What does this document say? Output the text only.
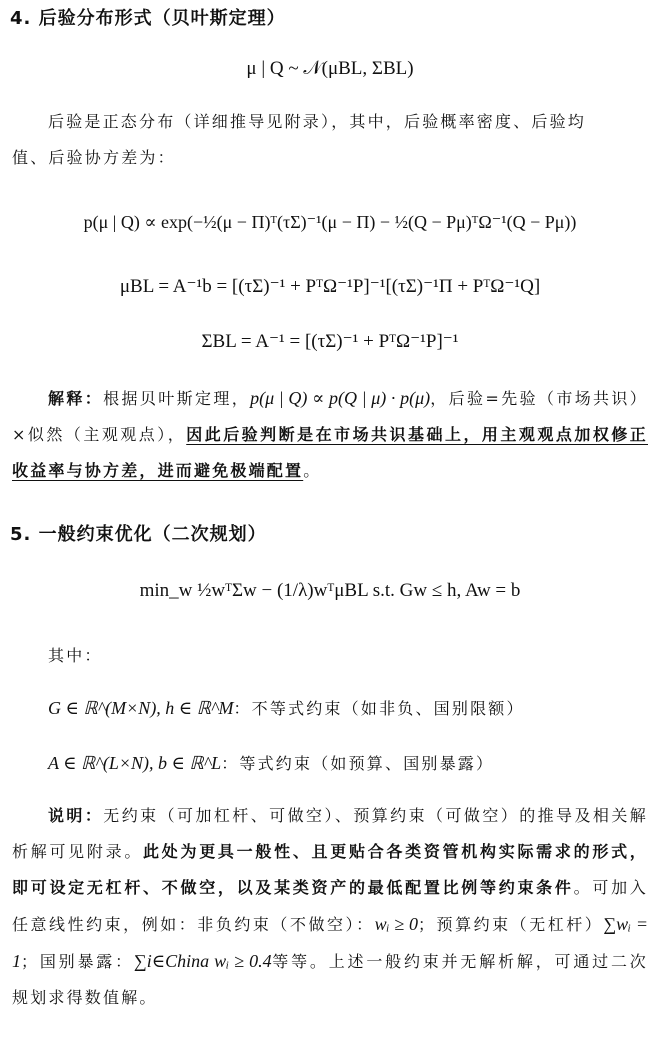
4. 后验分布形式（贝叶斯定理）
μ | Q ~ 𝒩(μBL, ΣBL)
后验是正态分布（详细推导见附录），其中，后验概率密度、后验均
值、后验协方差为：
p(μ | Q) ∝ exp(−½(μ − Π)ᵀ(τΣ)⁻¹(μ − Π) − ½(Q − Pμ)ᵀΩ⁻¹(Q − Pμ))
μBL = A⁻¹b = [(τΣ)⁻¹ + PᵀΩ⁻¹P]⁻¹[(τΣ)⁻¹Π + PᵀΩ⁻¹Q]
ΣBL = A⁻¹ = [(τΣ)⁻¹ + PᵀΩ⁻¹P]⁻¹
解释：根据贝叶斯定理，p(μ | Q) ∝ p(Q | μ) · p(μ)，后验=先验（市场共识）×似然（主观观点），因此后验判断是在市场共识基础上，用主观观点加权修正收益率与协方差，进而避免极端配置。
5. 一般约束优化（二次规划）
min_w ½wᵀΣw − (1/λ)wᵀμBL s.t. Gw ≤ h, Aw = b
其中：
G ∈ ℝ^(M×N), h ∈ ℝ^M：不等式约束（如非负、国别限额）
A ∈ ℝ^(L×N), b ∈ ℝ^L：等式约束（如预算、国别暴露）
说明：无约束（可加杠杆、可做空）、预算约束（可做空）的推导及相关解析解可见附录。此处为更具一般性、且更贴合各类资管机构实际需求的形式，即可设定无杠杆、不做空，以及某类资产的最低配置比例等约束条件。可加入任意线性约束，例如：非负约束（不做空）：wᵢ ≥ 0；预算约束（无杠杆）∑wᵢ = 1；国别暴露：∑i∈China wᵢ ≥ 0.4等等。上述一般约束并无解析解，可通过二次规划求得数值解。
